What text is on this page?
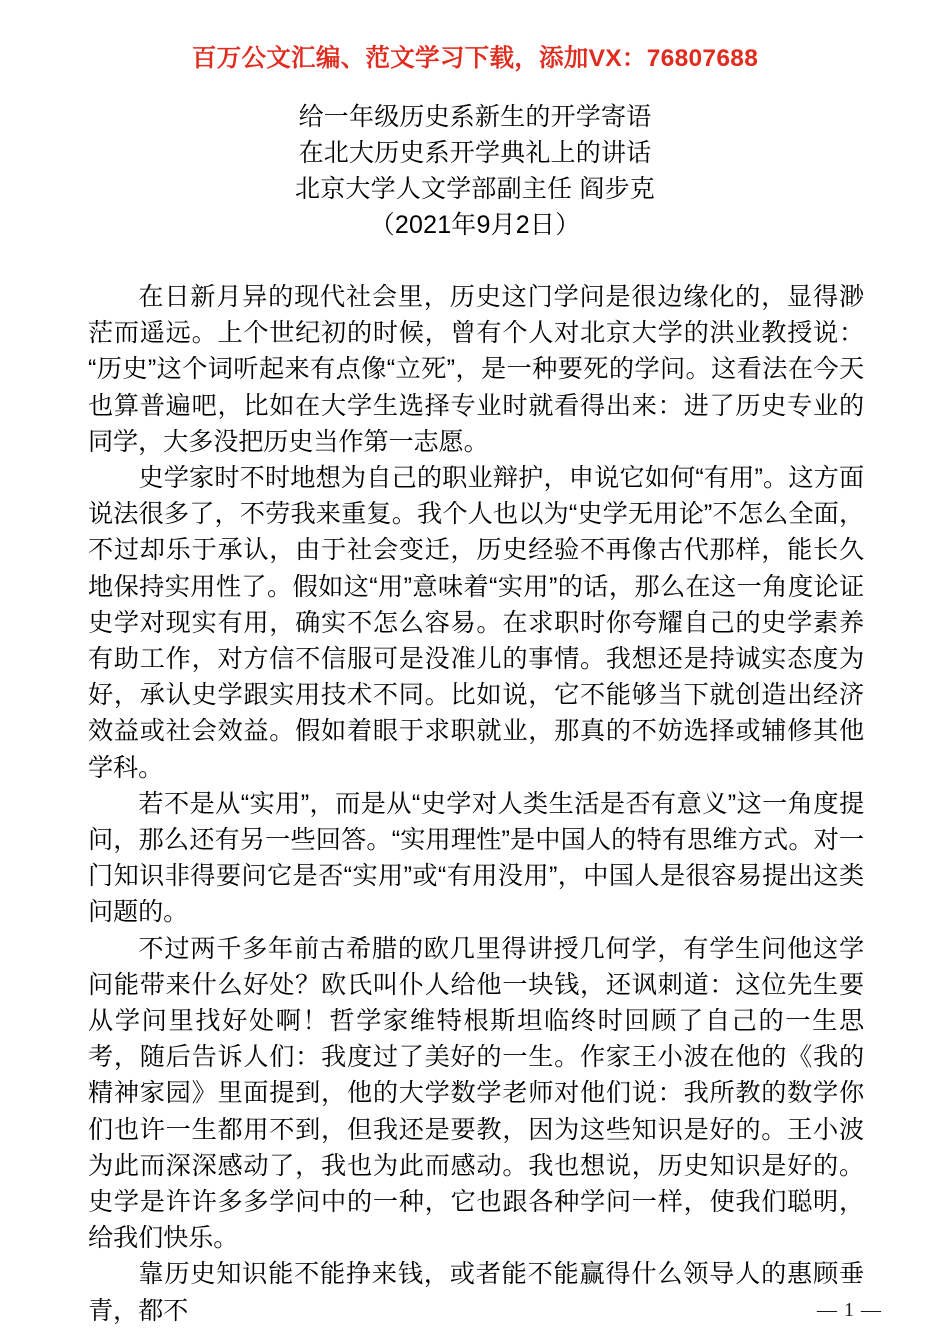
百万公文汇编、范文学习下载，添加VX：76807688
给一年级历史系新生的开学寄语
在北大历史系开学典礼上的讲话
北京大学人文学部副主任 阎步克
（2021年9月2日）

在日新月异的现代社会里，历史这门学问是很边缘化的，显得渺茫而遥远。上个世纪初的时候，曾有个人对北京大学的洪业教授说：“历史”这个词听起来有点像“立死”，是一种要死的学问。这看法在今天也算普遍吧，比如在大学生选择专业时就看得出来：进了历史专业的同学，大多没把历史当作第一志愿。

史学家时不时地想为自己的职业辩护，申说它如何“有用”。这方面说法很多了，不劳我来重复。我个人也以为“史学无用论”不怎么全面，不过却乐于承认，由于社会变迁，历史经验不再像古代那样，能长久地保持实用性了。假如这“用”意味着“实用”的话，那么在这一角度论证史学对现实有用，确实不怎么容易。在求职时你夸耀自己的史学素养有助工作，对方信不信服可是没准儿的事情。我想还是持诚实态度为好，承认史学跟实用技术不同。比如说，它不能够当下就创造出经济效益或社会效益。假如着眼于求职就业，那真的不妨选择或辅修其他学科。

若不是从“实用”，而是从“史学对人类生活是否有意义”这一角度提问，那么还有另一些回答。“实用理性”是中国人的特有思维方式。对一门知识非得要问它是否“实用”或“有用没用”，中国人是很容易提出这类问题的。

不过两千多年前古希腊的欧几里得讲授几何学，有学生问他这学问能带来什么好处？欧氏叫仆人给他一块钱，还讽刺道：这位先生要从学问里找好处啊！哲学家维特根斯坦临终时回顾了自己的一生思考，随后告诉人们：我度过了美好的一生。作家王小波在他的《我的精神家园》里面提到，他的大学数学老师对他们说：我所教的数学你们也许一生都用不到，但我还是要教，因为这些知识是好的。王小波为此而深深感动了，我也为此而感动。我也想说，历史知识是好的。史学是许许多多学问中的一种，它也跟各种学问一样，使我们聪明，给我们快乐。

靠历史知识能不能挣来钱，或者能不能赢得什么领导人的惠顾垂青，都不	— 1 —
